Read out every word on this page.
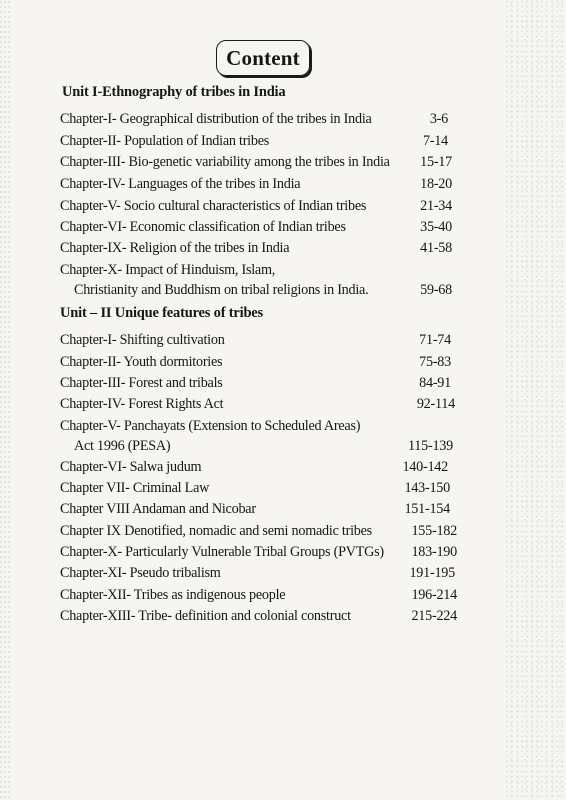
Content
Unit I-Ethnography of tribes in India
Chapter-I- Geographical distribution of the tribes in India	3-6
Chapter-II- Population of Indian tribes	7-14
Chapter-III- Bio-genetic variability among the tribes in India 15-17
Chapter-IV- Languages of the tribes in India	18-20
Chapter-V- Socio cultural characteristics of Indian tribes	21-34
Chapter-VI- Economic classification of Indian tribes	35-40
Chapter-IX- Religion of the tribes in India	41-58
Chapter-X- Impact of Hinduism, Islam,
Christianity and Buddhism on tribal religions in India.	59-68
Unit – II Unique features of tribes
Chapter-I- Shifting cultivation	71-74
Chapter-II- Youth dormitories	75-83
Chapter-III- Forest and tribals	84-91
Chapter-IV- Forest Rights Act	92-114
Chapter-V- Panchayats (Extension to Scheduled Areas)
Act 1996 (PESA)	115-139
Chapter-VI- Salwa judum	140-142
Chapter VII- Criminal Law	143-150
Chapter VIII Andaman and Nicobar	151-154
Chapter IX Denotified, nomadic and semi nomadic tribes	155-182
Chapter-X- Particularly Vulnerable Tribal Groups (PVTGs) 183-190
Chapter-XI- Pseudo tribalism	191-195
Chapter-XII- Tribes as indigenous people	196-214
Chapter-XIII- Tribe- definition and colonial construct	215-224
